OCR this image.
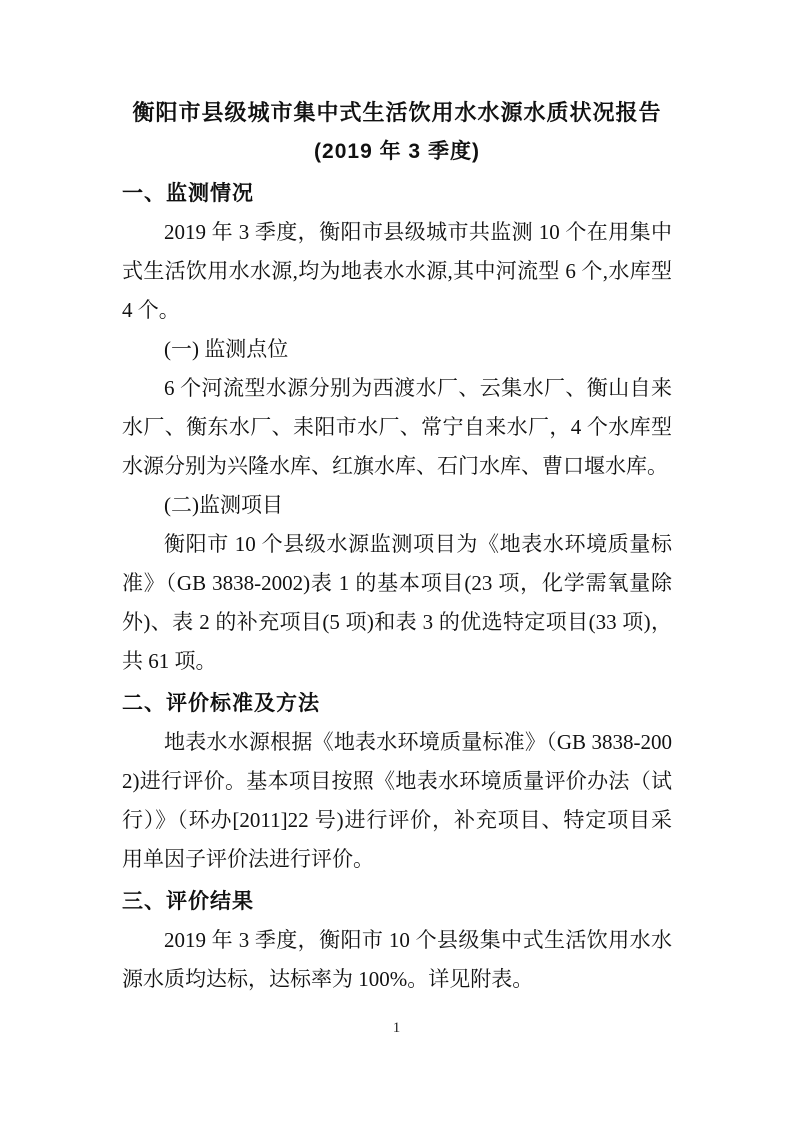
衡阳市县级城市集中式生活饮用水水源水质状况报告
(2019 年 3 季度)
一、监测情况

2019 年 3 季度，衡阳市县级城市共监测 10 个在用集中式生活饮用水水源,均为地表水水源,其中河流型 6 个,水库型 4 个。

(一) 监测点位

6 个河流型水源分别为西渡水厂、云集水厂、衡山自来水厂、衡东水厂、耒阳市水厂、常宁自来水厂，4 个水库型水源分别为兴隆水库、红旗水库、石门水库、曹口堰水库。

(二)监测项目

衡阳市 10 个县级水源监测项目为《地表水环境质量标准》（GB 3838-2002)表 1 的基本项目(23 项，化学需氧量除外)、表 2 的补充项目(5 项)和表 3 的优选特定项目(33 项)，共 61 项。

二、评价标准及方法

地表水水源根据《地表水环境质量标准》（GB 3838-2002)进行评价。基本项目按照《地表水环境质量评价办法（试行）》（环办[2011]22 号)进行评价，补充项目、特定项目采用单因子评价法进行评价。

三、评价结果

2019 年 3 季度，衡阳市 10 个县级集中式生活饮用水水源水质均达标，达标率为 100%。详见附表。

1
